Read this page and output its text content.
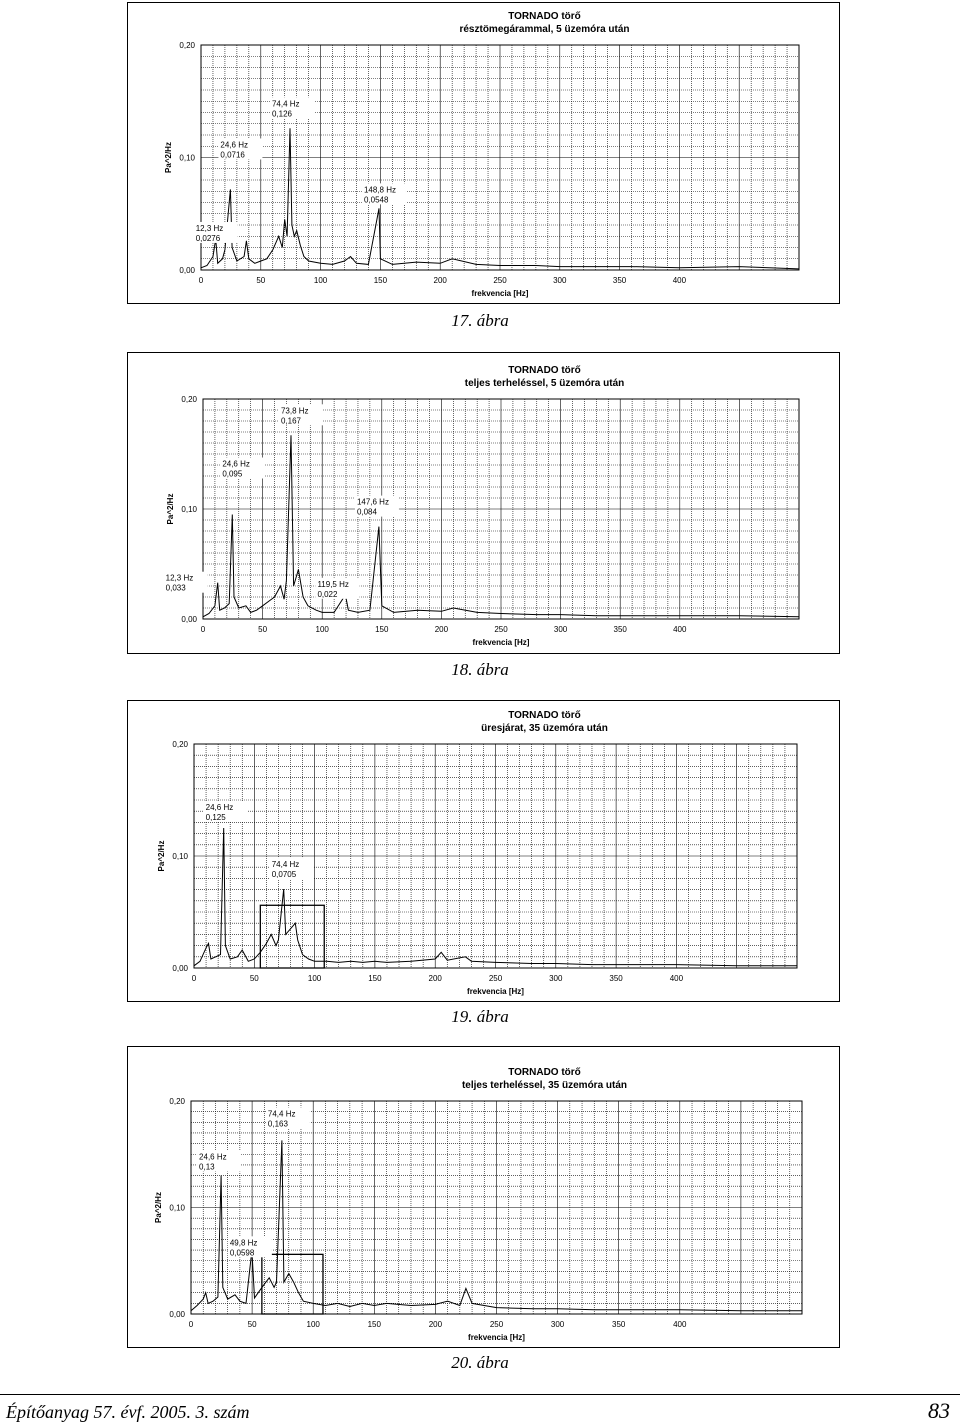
TORNADO törő
résztömegárammal, 5 üzemóra után
0,00
0,10
0,20
0	50	100	150	200	250	300	350	400
frekvencia [Hz]
Pa^2/Hz
12,3 Hz
0,0276
24,6 Hz
0,0716
74,4 Hz
0,126
148,8 Hz
0,0548
17. ábra
TORNADO törő
teljes terheléssel, 5 üzemóra után
0,00
0,10
0,20
0	50	100	150	200	250	300	350	400
frekvencia [Hz]
Pa^2/Hz
12,3 Hz
0,033
24,6 Hz
0,095
73,8 Hz
0,167
119,5 Hz
0,022
147,6 Hz
0,084
18. ábra
TORNADO törő
üresjárat, 35 üzemóra után
0,00
0,10
0,20
0	50	100	150	200	250	300	350	400
frekvencia [Hz]
Pa^2/Hz
24,6 Hz
0,125
74,4 Hz
0,0705
19. ábra
TORNADO törő
teljes terheléssel, 35 üzemóra után
0,00
0,10
0,20
0	50	100	150	200	250	300	350	400
frekvencia [Hz]
Pa^2/Hz
24,6 Hz
0,13
49,8 Hz
0,0598
74,4 Hz
0,163
20. ábra
Építőanyag 57. évf. 2005. 3. szám	83
